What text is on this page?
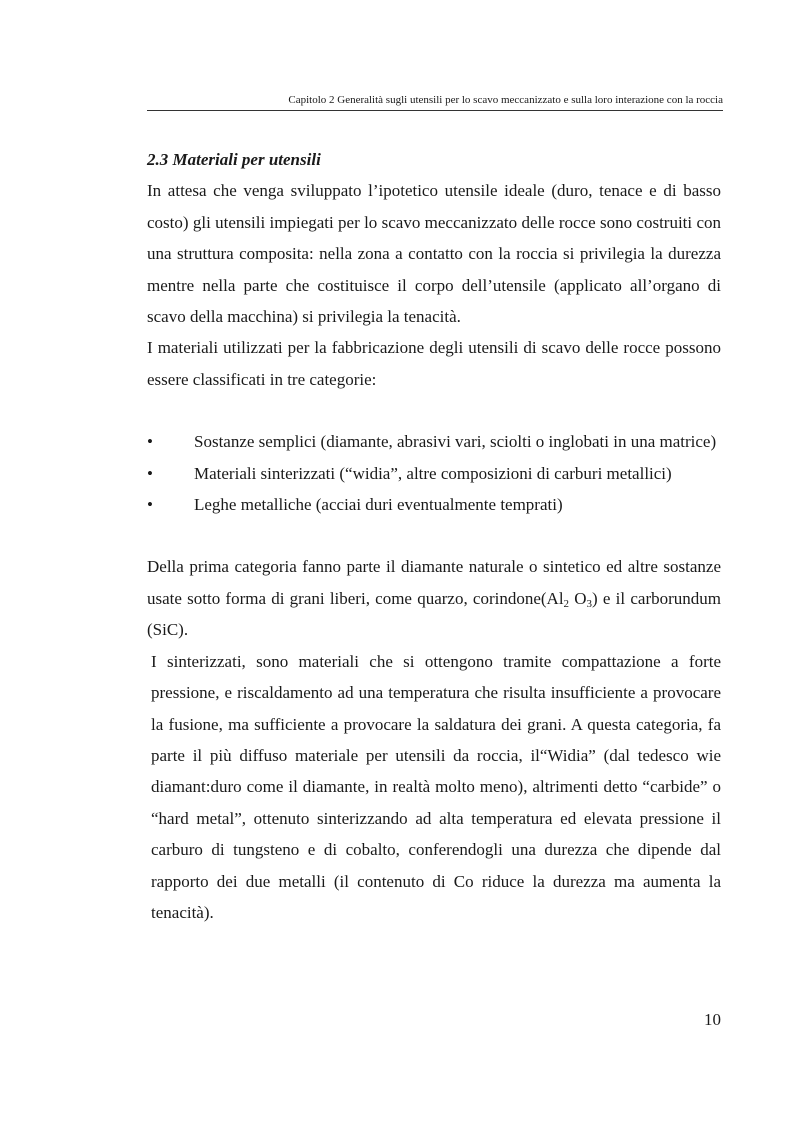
Capitolo 2 Generalità sugli utensili per lo scavo meccanizzato e sulla loro interazione con la roccia

2.3 Materiali per utensili

In attesa che venga sviluppato l’ipotetico utensile ideale (duro, tenace e di basso costo) gli utensili impiegati per lo scavo meccanizzato delle rocce sono costruiti con una struttura composita: nella zona a contatto con la roccia si privilegia la durezza mentre nella parte che costituisce il corpo dell’utensile (applicato all’organo di scavo della macchina) si privilegia la tenacità.

I materiali utilizzati per la fabbricazione degli utensili di scavo delle rocce possono essere classificati in tre categorie:

• Sostanze semplici (diamante, abrasivi vari, sciolti o inglobati in una matrice)
• Materiali sinterizzati (“widia”, altre composizioni di carburi metallici)
• Leghe metalliche (acciai duri eventualmente temprati)

Della prima categoria fanno parte il diamante naturale o sintetico ed altre sostanze usate sotto forma di grani liberi, come quarzo, $corindone(Al_2$ $O_3$) e il carborundum (SiC).

I sinterizzati, sono materiali che si ottengono tramite compattazione a forte pressione, e riscaldamento ad una temperatura che risulta insufficiente a provocare la fusione, ma sufficiente a provocare la saldatura dei grani. A questa categoria, fa parte il più diffuso materiale per utensili da roccia, il“Widia” (dal tedesco wie diamant:duro come il diamante, in realtà molto meno), altrimenti detto “carbide” o “hard metal”, ottenuto sinterizzando ad alta temperatura ed elevata pressione il carburo di tungsteno e di cobalto, conferendogli una durezza che dipende dal rapporto dei due metalli (il contenuto di Co riduce la durezza ma aumenta la tenacità).

10
